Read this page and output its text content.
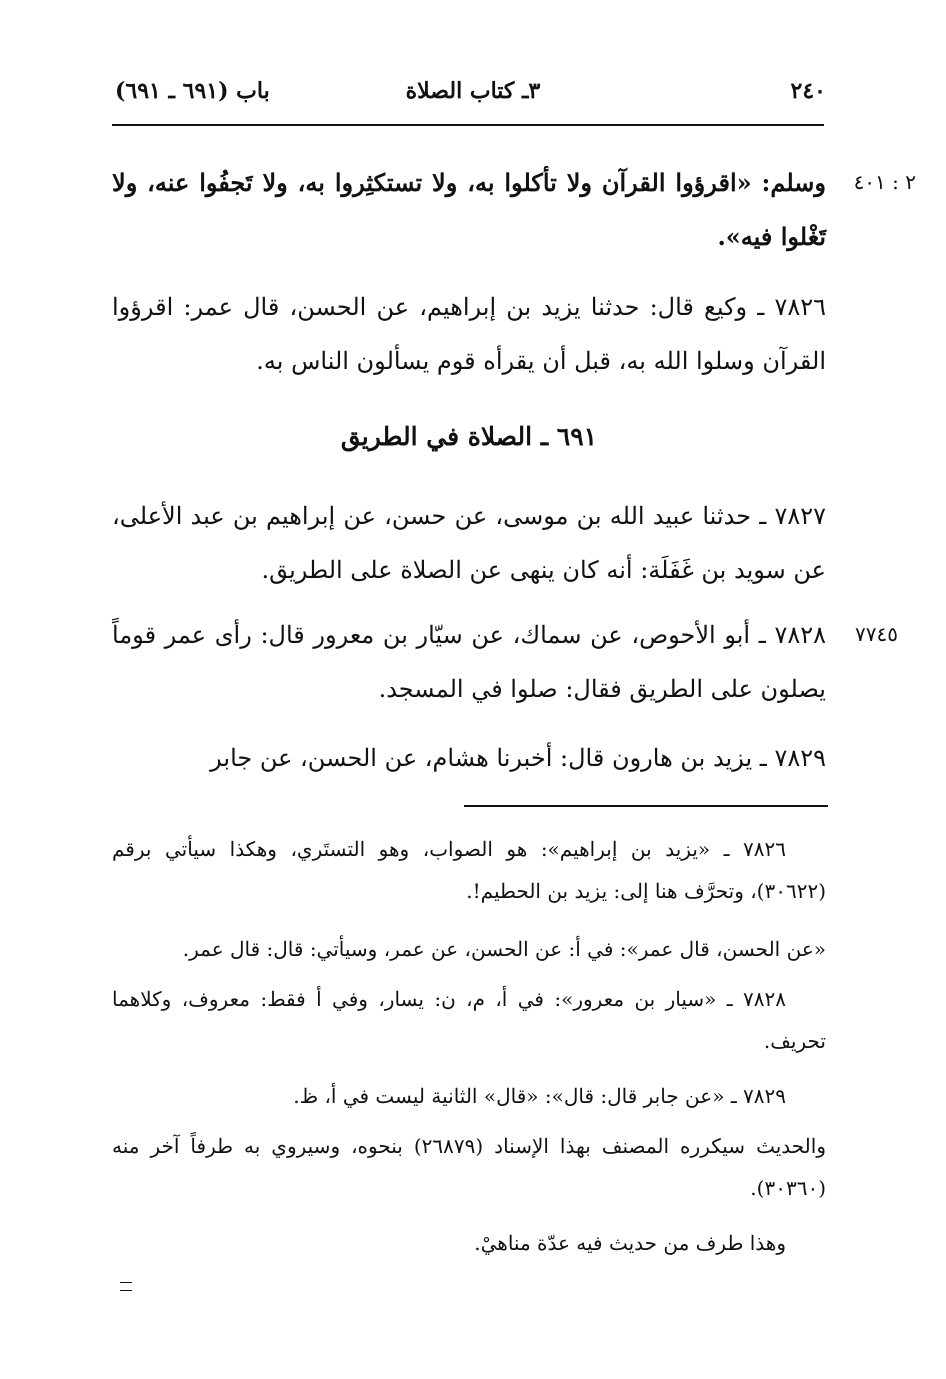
٢٤٠
٣ـ كتاب الصلاة
باب (٦٩١ ـ ٦٩١)
٢ : ٤٠١
٧٧٤٥
وسلم: «اقرؤوا القرآن ولا تأكلوا به، ولا تستكثِروا به، ولا تَجفُوا عنه، ولا تَغْلوا فيه».
٧٨٢٦ ـ وكيع قال: حدثنا يزيد بن إبراهيم، عن الحسن، قال عمر: اقرؤوا القرآن وسلوا الله به، قبل أن يقرأه قوم يسألون الناس به.
٦٩١ ـ الصلاة في الطريق
٧٨٢٧ ـ حدثنا عبيد الله بن موسى، عن حسن، عن إبراهيم بن عبد الأعلى، عن سويد بن غَفَلَة: أنه كان ينهى عن الصلاة على الطريق.
٧٨٢٨ ـ أبو الأحوص، عن سماك، عن سيّار بن معرور قال: رأى عمر قوماً يصلون على الطريق فقال: صلوا في المسجد.
٧٨٢٩ ـ يزيد بن هارون قال: أخبرنا هشام، عن الحسن، عن جابر
٧٨٢٦ ـ «يزيد بن إبراهيم»: هو الصواب، وهو التستَري، وهكذا سيأتي برقم (٣٠٦٢٢)، وتحرَّف هنا إلى: يزيد بن الحطيم!.
«عن الحسن، قال عمر»: في أ: عن الحسن، عن عمر، وسيأتي: قال: قال عمر.
٧٨٢٨ ـ «سيار بن معرور»: في أ، م، ن: يسار، وفي أ فقط: معروف، وكلاهما تحريف.
٧٨٢٩ ـ «عن جابر قال: قال»: «قال» الثانية ليست في أ، ظ.
والحديث سيكرره المصنف بهذا الإسناد (٢٦٨٧٩) بنحوه، وسيروي به طرفاً آخر منه (٣٠٣٦٠).
وهذا طرف من حديث فيه عدّة مناهيْ.
